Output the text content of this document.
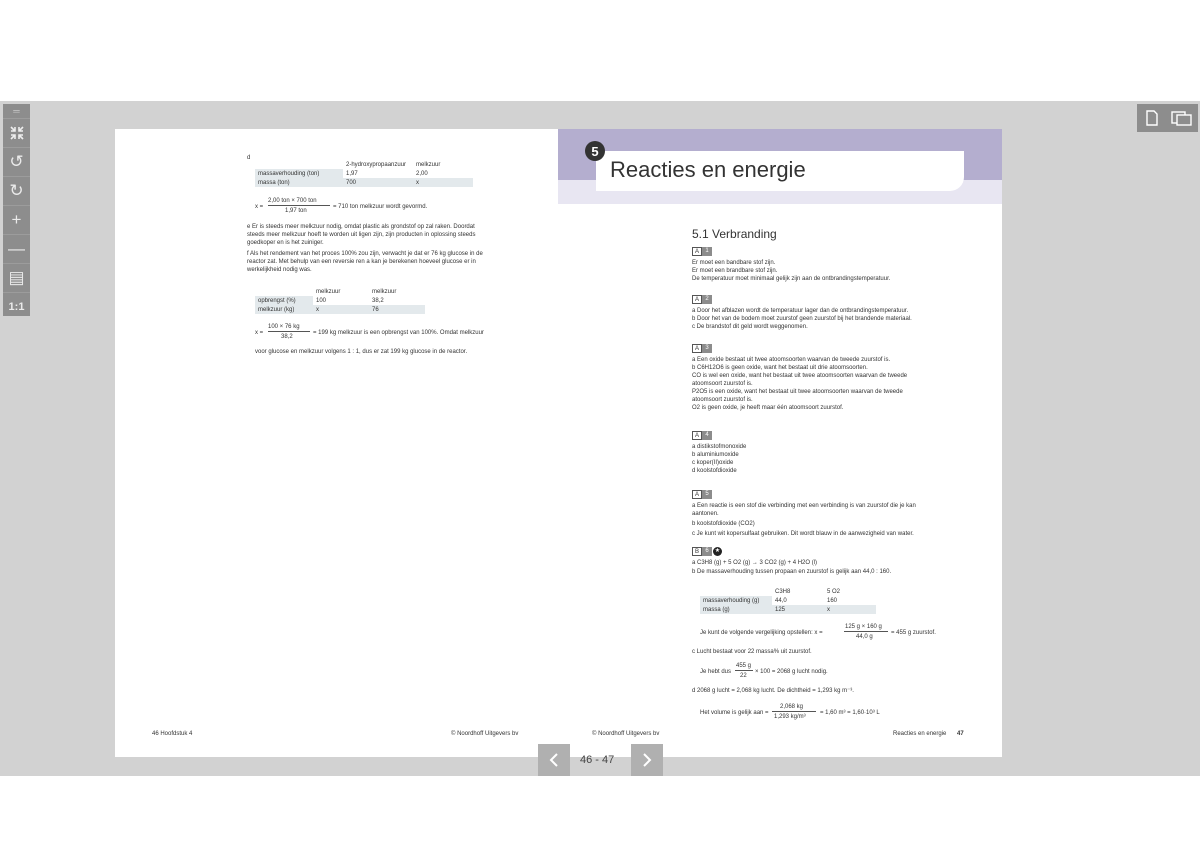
═
↺
↻
+
—
▤
1:1
d
	2-hydroxypropaanzuur	melkzuur
massaverhouding (ton)	1,97	2,00
massa (ton)	700	x
x =
2,00 ton × 700 ton
1,97 ton
= 710 ton melkzuur wordt gevormd.
e Er is steeds meer melkzuur nodig, omdat plastic als grondstof op zal raken. Doordat
steeds meer melkzuur hoeft te worden uit ligen zijn, zijn producten in oplossing steeds
goedkoper en is het zuiniger.
f Als het rendement van het proces 100% zou zijn, verwacht je dat er 76 kg glucose in de
reactor zat. Met behulp van een reversie ren a kan je berekenen hoeveel glucose er in
werkelijkheid nodig was.
	melkzuur	melkzuur
opbrengst (%)	100	38,2
melkzuur (kg)	x	76
x =
100 × 76 kg
38,2
= 199 kg melkzuur is een opbrengst van 100%. Omdat melkzuur
voor glucose en melkzuur volgens 1 : 1, dus er zat 199 kg glucose in de reactor.
46 Hoofdstuk 4	© Noordhoff Uitgevers bv
5
Reacties en energie
5.1 Verbranding
A	1
Er moet een bandbare stof zijn.
Er moet een brandbare stof zijn.
De temperatuur moet minimaal gelijk zijn aan de ontbrandingstemperatuur.
A	2
a Door het afblazen wordt de temperatuur lager dan de ontbrandingstemperatuur.
b Door het van de bodem moet zuurstof geen zuurstof bij het brandende materiaal.
c De brandstof dit geld wordt weggenomen.
A	3
a Een oxide bestaat uit twee atoomsoorten waarvan de tweede zuurstof is.
b C6H12O6 is geen oxide, want het bestaat uit drie atoomsoorten.
CO is wel een oxide, want het bestaat uit twee atoomsoorten waarvan de tweede
atoomsoort zuurstof is.
P2O5 is een oxide, want het bestaat uit twee atoomsoorten waarvan de tweede
atoomsoort zuurstof is.
O2 is geen oxide, je heeft maar één atoomsoort zuurstof.
A	4
a distikstofmonoxide
b aluminiumoxide
c koper(II)oxide
d koolstofdioxide
A	5
a Een reactie is een stof die verbinding met een verbinding is van zuurstof die je kan
aantonen.
b koolstofdioxide (CO2)
c Je kunt wit kopersulfaat gebruiken. Dit wordt blauw in de aanwezigheid van water.
B	6	★
a C3H8 (g) + 5 O2 (g) → 3 CO2 (g) + 4 H2O (l)
b De massaverhouding tussen propaan en zuurstof is gelijk aan 44,0 : 160.
	C3H8	5 O2
massaverhouding (g)	44,0	160
massa (g)	125	x
Je kunt de volgende vergelijking opstellen: x =
125 g × 160 g
44,0 g
= 455 g zuurstof.
c Lucht bestaat voor 22 massa% uit zuurstof.
Je hebt dus
455 g
22
× 100 = 2068 g lucht nodig.
d 2068 g lucht = 2,068 kg lucht. De dichtheid = 1,293 kg m⁻³.
Het volume is gelijk aan =
2,068 kg
1,293 kg/m³
= 1,60 m³ = 1,60·10³ L
© Noordhoff Uitgevers bv	Reacties en energie 47
46 - 47
